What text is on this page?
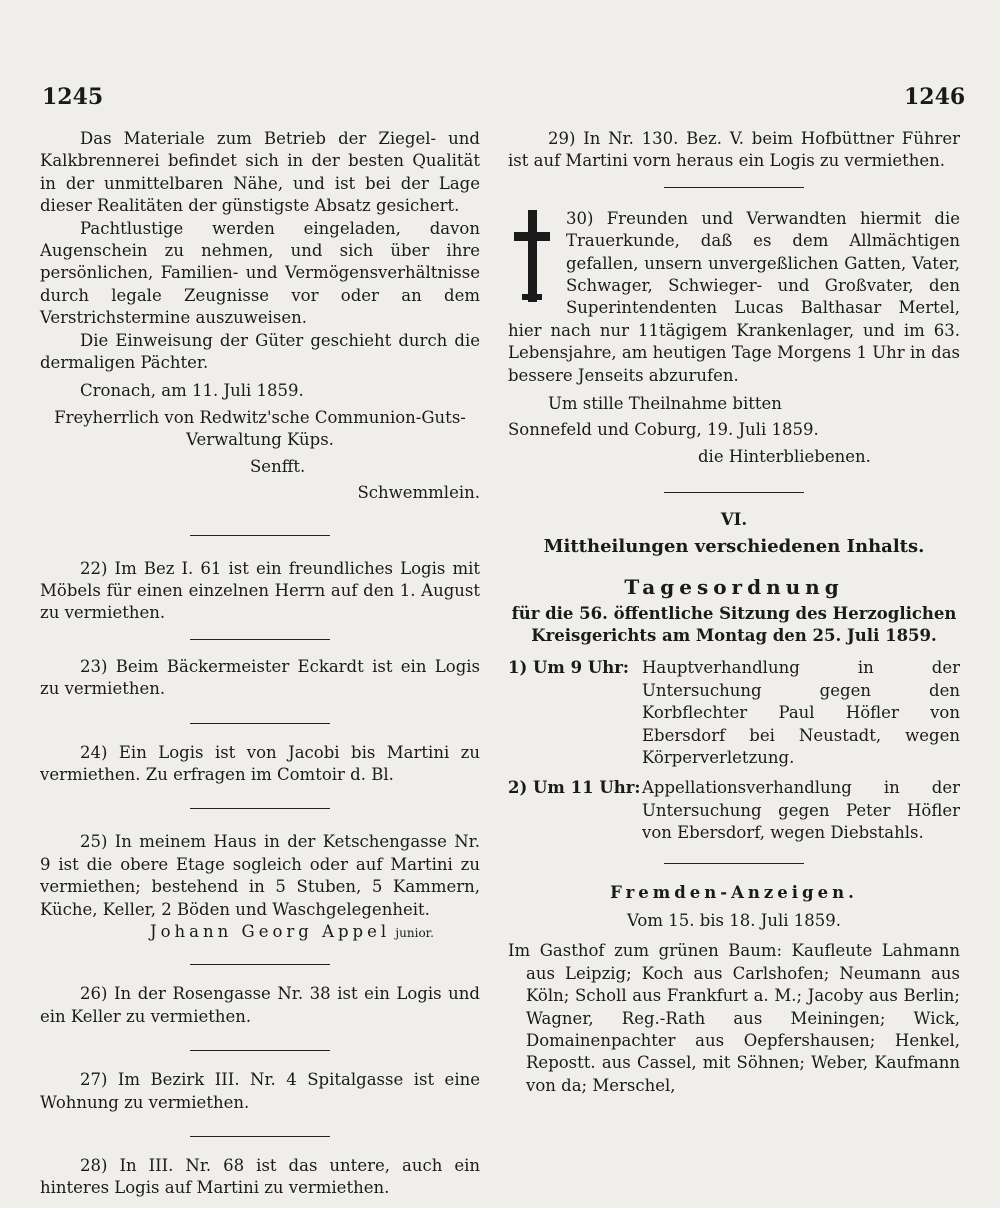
1245	1246

Das Materiale zum Betrieb der Ziegel- und Kalkbrennerei befindet sich in der besten Qualität in der unmittelbaren Nähe, und ist bei der Lage dieser Realitäten der günstigste Absatz gesichert.

Pachtlustige werden eingeladen, davon Augenschein zu nehmen, und sich über ihre persönlichen, Familien- und Vermögensverhältnisse durch legale Zeugnisse vor oder an dem Verstrichstermine auszuweisen.

Die Einweisung der Güter geschieht durch die dermaligen Pächter.

Cronach, am 11. Juli 1859.

Freyherrlich von Redwitz'sche Communion-Guts-Verwaltung Küps.

Senfft.

Schwemmlein.

22) Im Bez I. 61 ist ein freundliches Logis mit Möbels für einen einzelnen Herrn auf den 1. August zu vermiethen.

23) Beim Bäckermeister Eckardt ist ein Logis zu vermiethen.

24) Ein Logis ist von Jacobi bis Martini zu vermiethen. Zu erfragen im Comtoir d. Bl.

25) In meinem Haus in der Ketschengasse Nr. 9 ist die obere Etage sogleich oder auf Martini zu vermiethen; bestehend in 5 Stuben, 5 Kammern, Küche, Keller, 2 Böden und Waschgelegenheit.

Johann Georg Appel junior.

26) In der Rosengasse Nr. 38 ist ein Logis und ein Keller zu vermiethen.

27) Im Bezirk III. Nr. 4 Spitalgasse ist eine Wohnung zu vermiethen.

28) In III. Nr. 68 ist das untere, auch ein hinteres Logis auf Martini zu vermiethen.

29) In Nr. 130. Bez. V. beim Hofbüttner Führer ist auf Martini vorn heraus ein Logis zu vermiethen.

30) Freunden und Verwandten hiermit die Trauerkunde, daß es dem Allmächtigen gefallen, unsern unvergeßlichen Gatten, Vater, Schwager, Schwieger- und Großvater, den Superintendenten Lucas Balthasar Mertel, hier nach nur 11tägigem Krankenlager, und im 63. Lebensjahre, am heutigen Tage Morgens 1 Uhr in das bessere Jenseits abzurufen.

Um stille Theilnahme bitten

Sonnefeld und Coburg, 19. Juli 1859.

die Hinterbliebenen.

VI.

Mittheilungen verschiedenen Inhalts.

Tagesordnung

für die 56. öffentliche Sitzung des Herzoglichen Kreisgerichts am Montag den 25. Juli 1859.

1) Um 9 Uhr: Hauptverhandlung in der Untersuchung gegen den Korbflechter Paul Höfler von Ebersdorf bei Neustadt, wegen Körperverletzung.
2) Um 11 Uhr: Appellationsverhandlung in der Untersuchung gegen Peter Höfler von Ebersdorf, wegen Diebstahls.

Fremden-Anzeigen.

Vom 15. bis 18. Juli 1859.

Im Gasthof zum grünen Baum: Kaufleute Lahmann aus Leipzig; Koch aus Carlshofen; Neumann aus Köln; Scholl aus Frankfurt a. M.; Jacoby aus Berlin; Wagner, Reg.-Rath aus Meiningen; Wick, Domainenpachter aus Oepfershausen; Henkel, Repostt. aus Cassel, mit Söhnen; Weber, Kaufmann von da; Merschel,
